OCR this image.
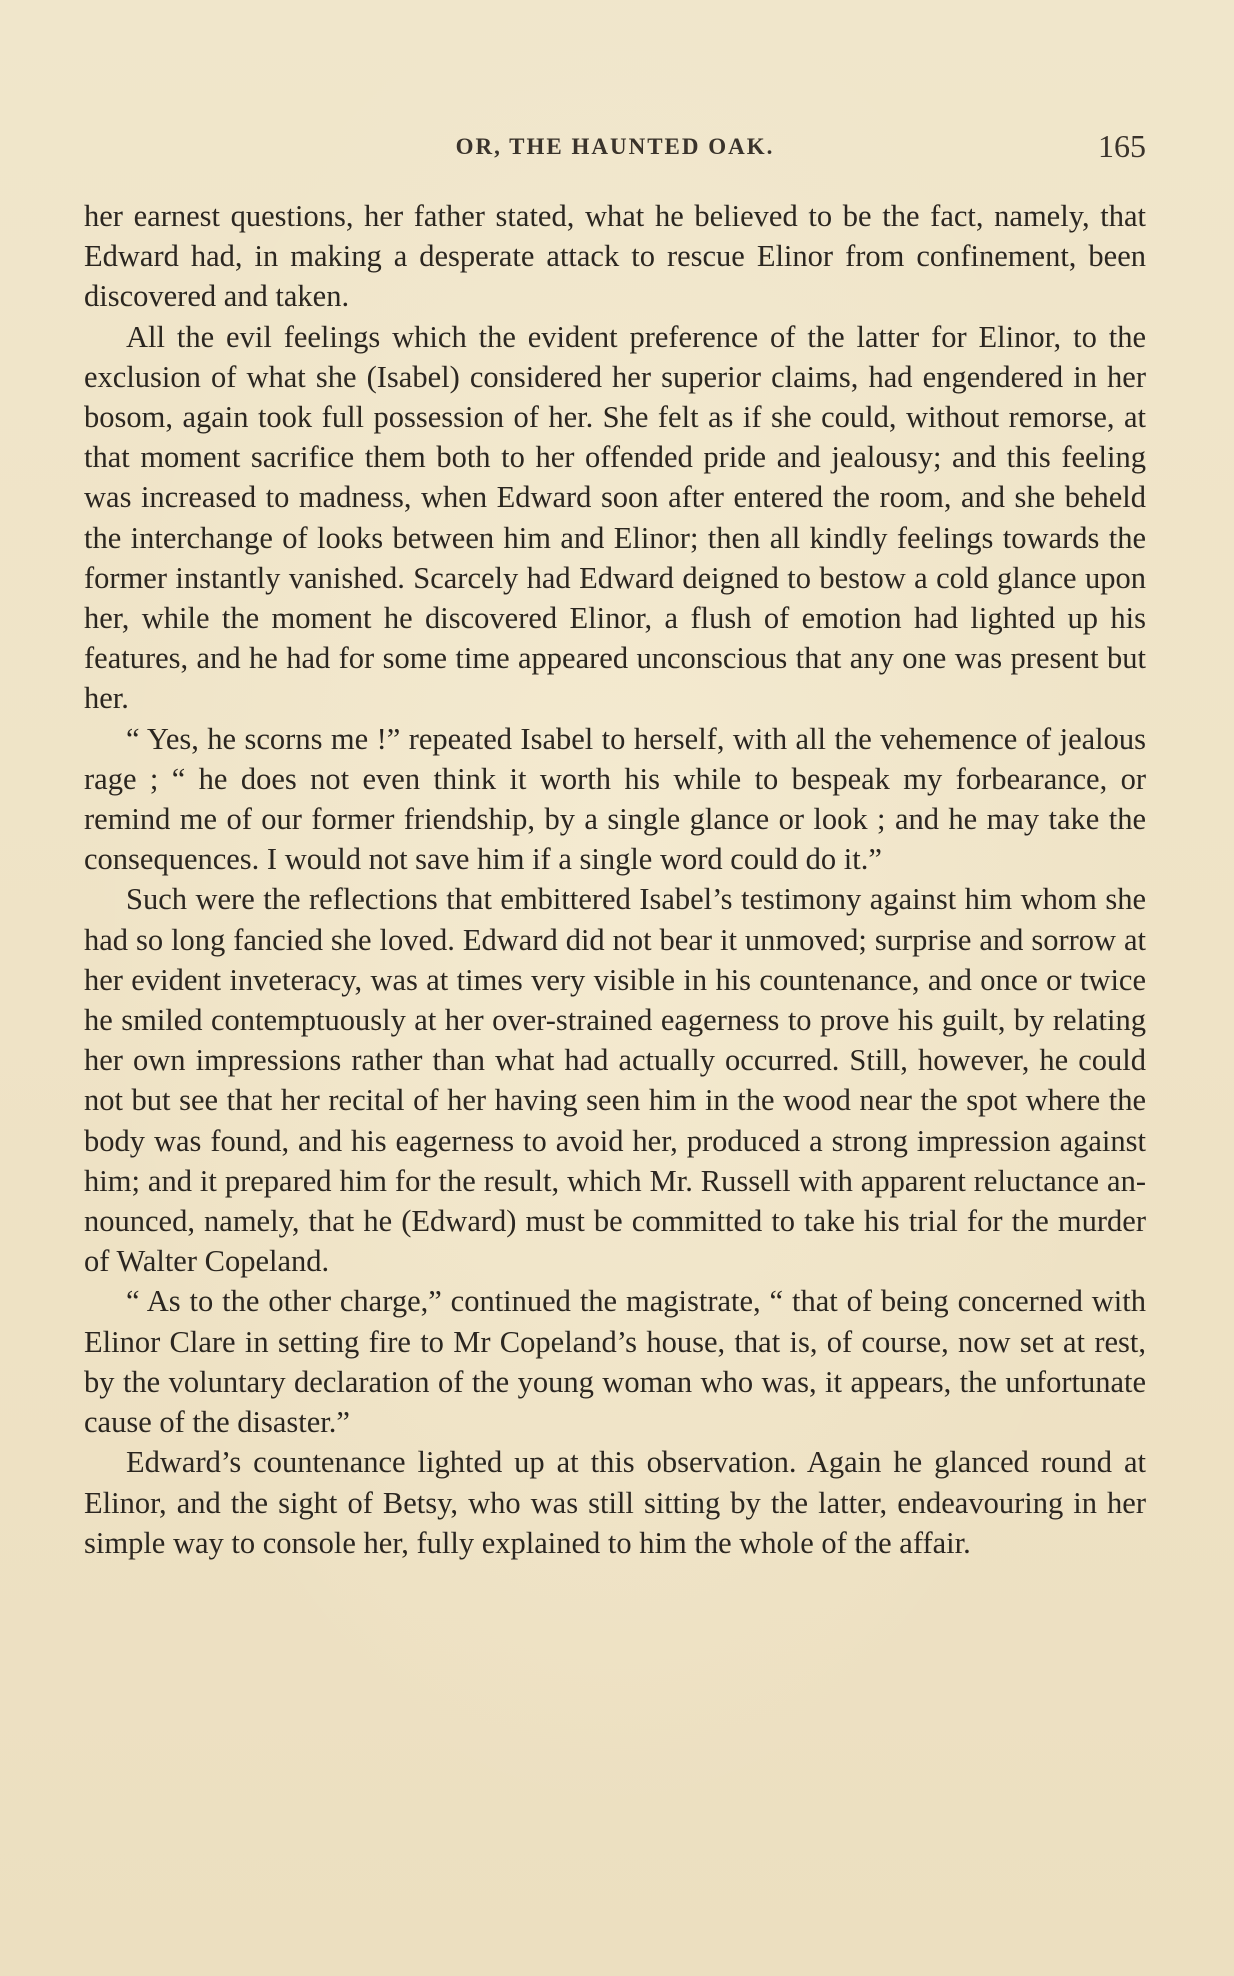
OR, THE HAUNTED OAK.	165

her earnest questions, her father stated, what he believed to be the fact, namely, that Edward had, in making a desperate attack to rescue Elinor from confinement, been discovered and taken.

All the evil feelings which the evident preference of the latter for Elinor, to the exclusion of what she (Isabel) considered her superior claims, had engendered in her bosom, again took full possession of her. She felt as if she could, without remorse, at that moment sacrifice them both to her offended pride and jealousy; and this feeling was increased to madness, when Edward soon after entered the room, and she beheld the interchange of looks between him and Elinor; then all kindly feelings towards the former instantly vanished. Scarcely had Edward deigned to bestow a cold glance upon her, while the moment he discovered Elinor, a flush of emotion had lighted up his features, and he had for some time appeared unconscious that any one was present but her.

“ Yes, he scorns me !” repeated Isabel to herself, with all the vehemence of jealous rage ; “ he does not even think it worth his while to bespeak my forbearance, or remind me of our former friendship, by a single glance or look ; and he may take the consequences. I would not save him if a single word could do it.”

Such were the reflections that embittered Isabel’s testimony against him whom she had so long fancied she loved. Edward did not bear it unmoved; surprise and sorrow at her evident inveteracy, was at times very visible in his countenance, and once or twice he smiled contemptuously at her over-strained eagerness to prove his guilt, by relating her own impressions rather than what had actually occurred. Still, however, he could not but see that her recital of her having seen him in the wood near the spot where the body was found, and his eagerness to avoid her, produced a strong impression against him; and it prepared him for the result, which Mr. Russell with apparent reluctance announced, namely, that he (Edward) must be committed to take his trial for the murder of Walter Copeland.

“ As to the other charge,” continued the magistrate, “ that of being concerned with Elinor Clare in setting fire to Mr Copeland’s house, that is, of course, now set at rest, by the voluntary declaration of the young woman who was, it appears, the unfortunate cause of the disaster.”

Edward’s countenance lighted up at this observation. Again he glanced round at Elinor, and the sight of Betsy, who was still sitting by the latter, endeavouring in her simple way to console her, fully explained to him the whole of the affair.
